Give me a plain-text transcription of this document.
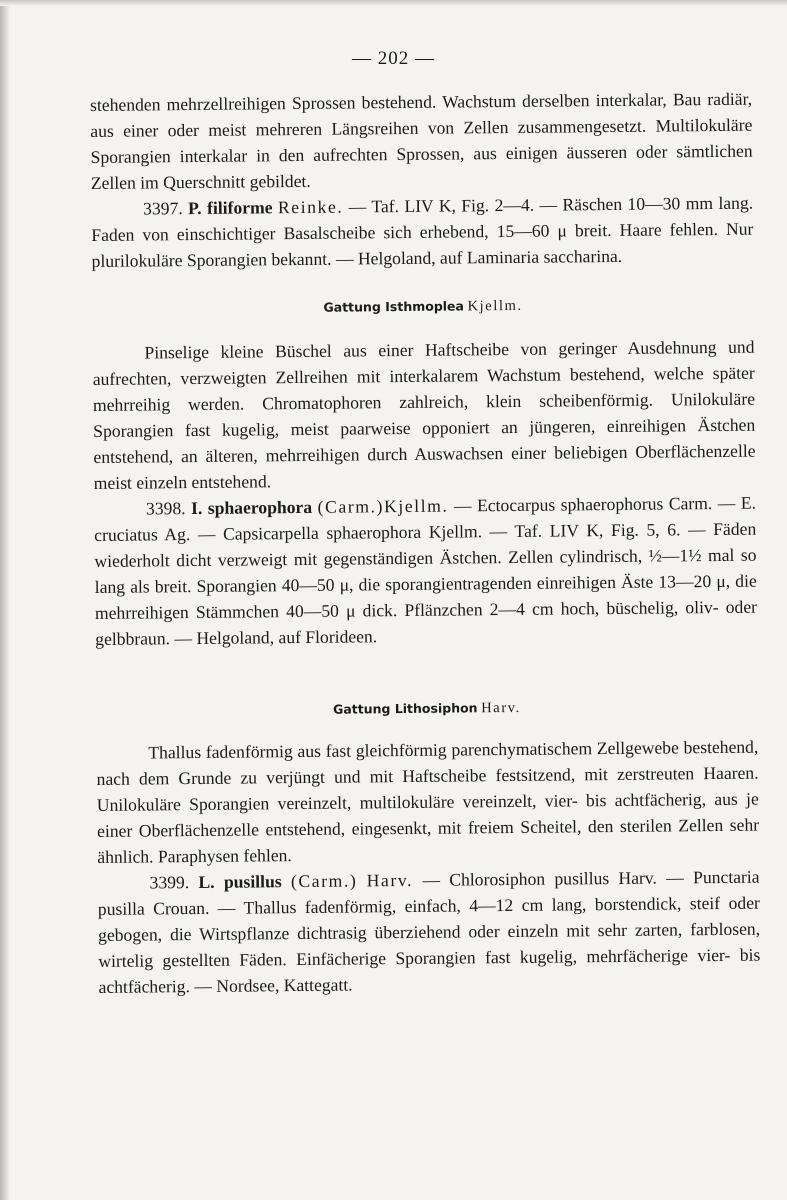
— 202 —

stehenden mehrzellreihigen Sprossen bestehend. Wachstum derselben interkalar, Bau radiär, aus einer oder meist mehreren Längsreihen von Zellen zusammengesetzt. Multilokuläre Sporangien interkalar in den aufrechten Sprossen, aus einigen äusseren oder sämtlichen Zellen im Querschnitt gebildet.

3397. P. filiforme Reinke. — Taf. LIV K, Fig. 2—4. — Räschen 10—30 mm lang. Faden von einschichtiger Basalscheibe sich erhebend, 15—60 μ breit. Haare fehlen. Nur plurilokuläre Sporangien bekannt. — Helgoland, auf Laminaria saccharina.

Gattung Isthmoplea Kjellm.

Pinselige kleine Büschel aus einer Haftscheibe von geringer Ausdehnung und aufrechten, verzweigten Zellreihen mit interkalarem Wachstum bestehend, welche später mehrreihig werden. Chromatophoren zahlreich, klein scheibenförmig. Unilokuläre Sporangien fast kugelig, meist paarweise opponiert an jüngeren, einreihigen Ästchen entstehend, an älteren, mehrreihigen durch Auswachsen einer beliebigen Oberflächenzelle meist einzeln entstehend.

3398. I. sphaerophora (Carm.)Kjellm. — Ectocarpus sphaerophorus Carm. — E. cruciatus Ag. — Capsicarpella sphaerophora Kjellm. — Taf. LIV K, Fig. 5, 6. — Fäden wiederholt dicht verzweigt mit gegenständigen Ästchen. Zellen cylindrisch, ½—1½ mal so lang als breit. Sporangien 40—50 μ, die sporangientragenden einreihigen Äste 13—20 μ, die mehrreihigen Stämmchen 40—50 μ dick. Pflänzchen 2—4 cm hoch, büschelig, oliv- oder gelbbraun. — Helgoland, auf Florideen.

Gattung Lithosiphon Harv.

Thallus fadenförmig aus fast gleichförmig parenchymatischem Zellgewebe bestehend, nach dem Grunde zu verjüngt und mit Haftscheibe festsitzend, mit zerstreuten Haaren. Unilokuläre Sporangien vereinzelt, multilokuläre vereinzelt, vier- bis achtfächerig, aus je einer Oberflächenzelle entstehend, eingesenkt, mit freiem Scheitel, den sterilen Zellen sehr ähnlich. Paraphysen fehlen.

3399. L. pusillus (Carm.) Harv. — Chlorosiphon pusillus Harv. — Punctaria pusilla Crouan. — Thallus fadenförmig, einfach, 4—12 cm lang, borstendick, steif oder gebogen, die Wirtspflanze dichtrasig überziehend oder einzeln mit sehr zarten, farblosen, wirtelig gestellten Fäden. Einfächerige Sporangien fast kugelig, mehrfächerige vier- bis achtfächerig. — Nordsee, Kattegatt.
